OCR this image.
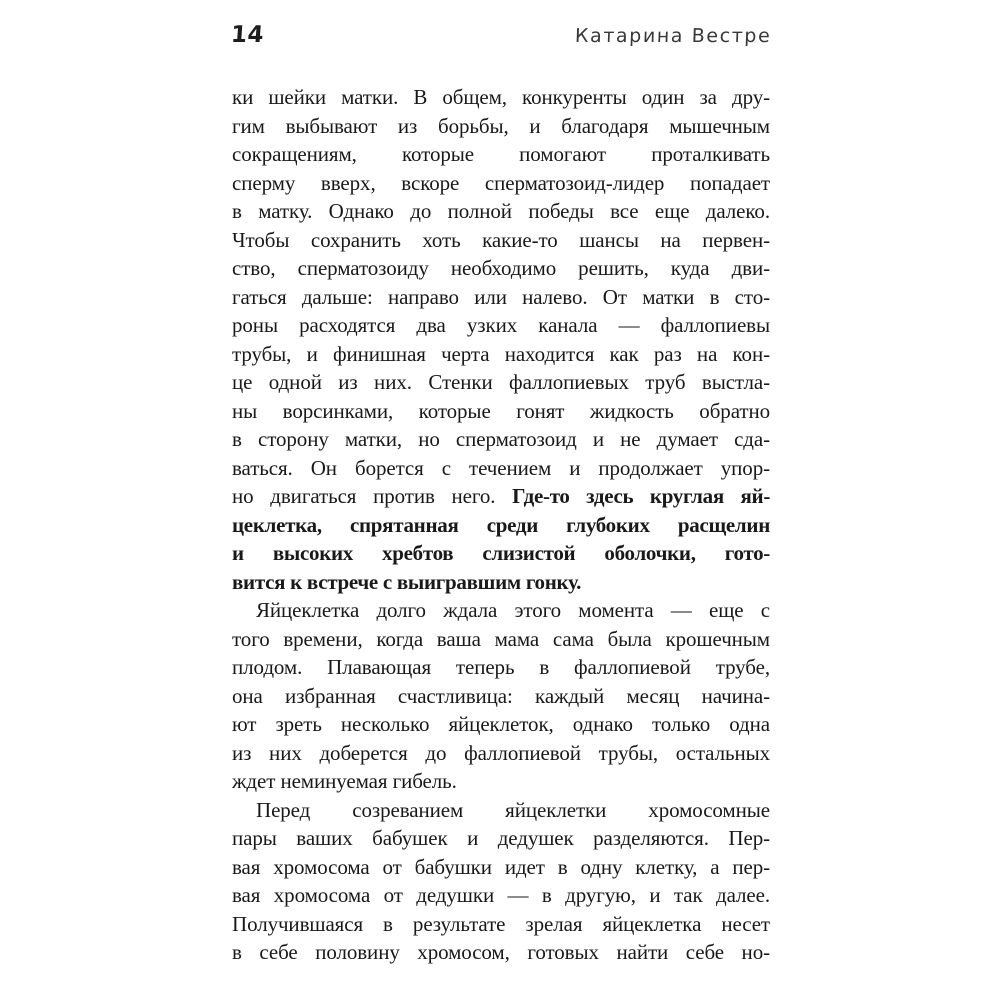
14	Катарина Вестре
ки шейки матки. В общем, конкуренты один за дру-
гим выбывают из борьбы, и благодаря мышечным
сокращениям, которые помогают проталкивать
сперму вверх, вскоре сперматозоид-лидер попадает
в матку. Однако до полной победы все еще далеко.
Чтобы сохранить хоть какие-то шансы на первен-
ство, сперматозоиду необходимо решить, куда дви-
гаться дальше: направо или налево. От матки в сто-
роны расходятся два узких канала — фаллопиевы
трубы, и финишная черта находится как раз на кон-
це одной из них. Стенки фаллопиевых труб выстла-
ны ворсинками, которые гонят жидкость обратно
в сторону матки, но сперматозоид и не думает сда-
ваться. Он борется с течением и продолжает упор-
но двигаться против него. Где-то здесь круглая яй-
цеклетка, спрятанная среди глубоких расщелин
и высоких хребтов слизистой оболочки, гото-
вится к встрече с выигравшим гонку.
Яйцеклетка долго ждала этого момента — еще с
того времени, когда ваша мама сама была крошечным
плодом. Плавающая теперь в фаллопиевой трубе,
она избранная счастливица: каждый месяц начина-
ют зреть несколько яйцеклеток, однако только одна
из них доберется до фаллопиевой трубы, остальных
ждет неминуемая гибель.
Перед созреванием яйцеклетки хромосомные
пары ваших бабушек и дедушек разделяются. Пер-
вая хромосома от бабушки идет в одну клетку, а пер-
вая хромосома от дедушки — в другую, и так далее.
Получившаяся в результате зрелая яйцеклетка несет
в себе половину хромосом, готовых найти себе но-
